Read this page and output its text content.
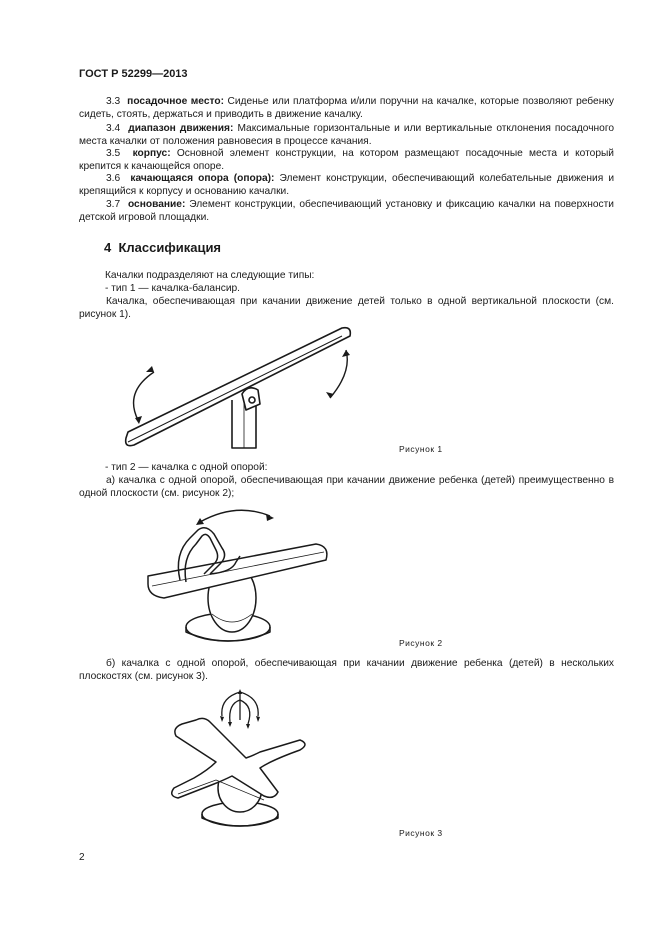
ГОСТ Р 52299—2013
3.3 посадочное место: Сиденье или платформа и/или поручни на качалке, которые позволяют ребенку сидеть, стоять, держаться и приводить в движение качалку.
3.4 диапазон движения: Максимальные горизонтальные и или вертикальные отклонения посадочного места качалки от положения равновесия в процессе качания.
3.5 корпус: Основной элемент конструкции, на котором размещают посадочные места и который крепится к качающейся опоре.
3.6 качающаяся опора (опора): Элемент конструкции, обеспечивающий колебательные движения и крепящийся к корпусу и основанию качалки.
3.7 основание: Элемент конструкции, обеспечивающий установку и фиксацию качалки на поверхности детской игровой площадки.
4 Классификация
Качалки подразделяют на следующие типы:
- тип 1 — качалка-балансир.
Качалка, обеспечивающая при качании движение детей только в одной вертикальной плоскости (см. рисунок 1).
Рисунок 1
- тип 2 — качалка с одной опорой:
а) качалка с одной опорой, обеспечивающая при качании движение ребенка (детей) преимущественно в одной плоскости (см. рисунок 2);
Рисунок 2
б) качалка с одной опорой, обеспечивающая при качании движение ребенка (детей) в нескольких плоскостях (см. рисунок 3).
Рисунок 3
2
